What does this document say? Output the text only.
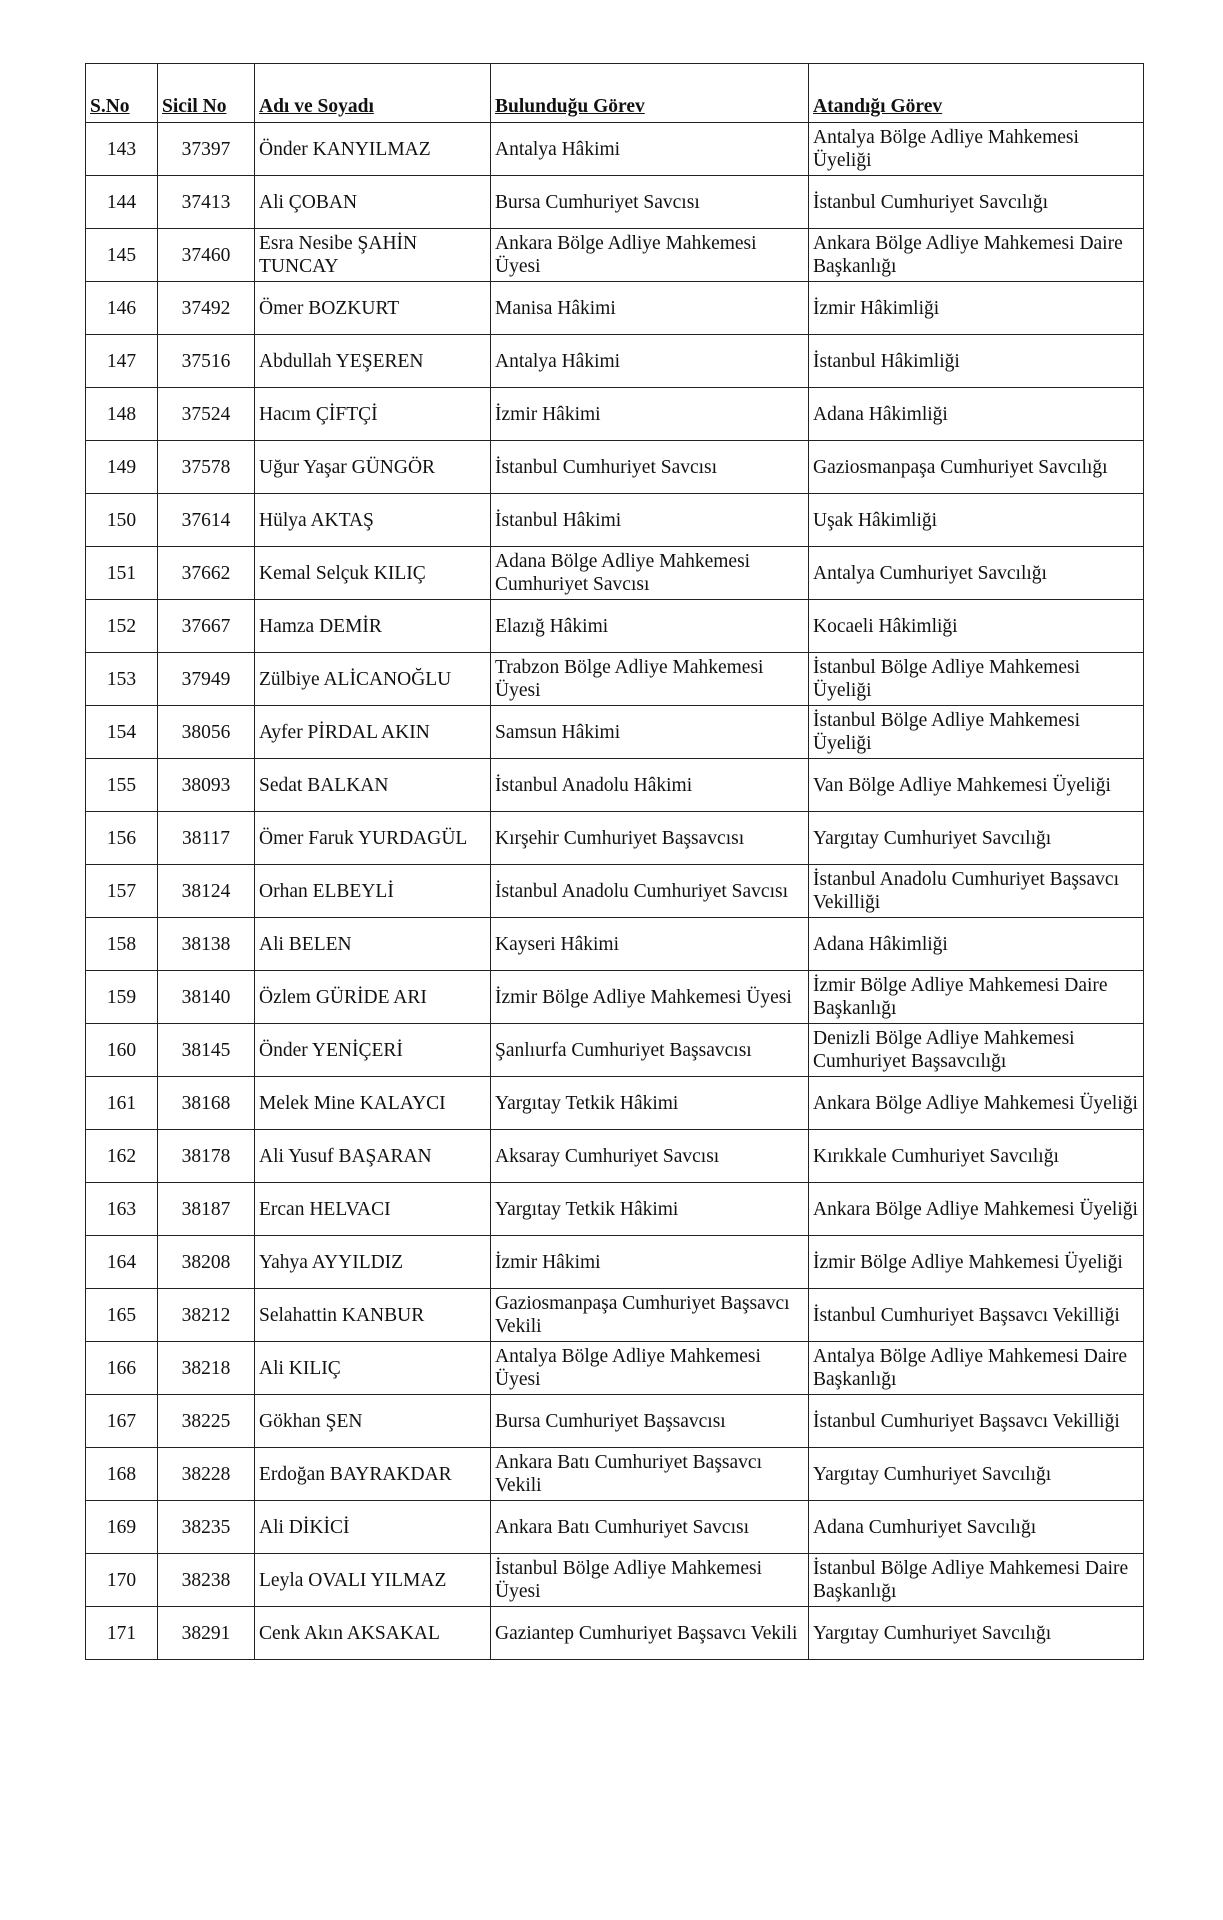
S.No	Sicil No	Adı ve Soyadı	Bulunduğu Görev	Atandığı Görev
143	37397	Önder KANYILMAZ	Antalya Hâkimi	Antalya Bölge Adliye Mahkemesi Üyeliği
144	37413	Ali ÇOBAN	Bursa Cumhuriyet Savcısı	İstanbul Cumhuriyet Savcılığı
145	37460	Esra Nesibe ŞAHİN TUNCAY	Ankara Bölge Adliye Mahkemesi Üyesi	Ankara Bölge Adliye Mahkemesi Daire Başkanlığı
146	37492	Ömer BOZKURT	Manisa Hâkimi	İzmir Hâkimliği
147	37516	Abdullah YEŞEREN	Antalya Hâkimi	İstanbul Hâkimliği
148	37524	Hacım ÇİFTÇİ	İzmir Hâkimi	Adana Hâkimliği
149	37578	Uğur Yaşar GÜNGÖR	İstanbul Cumhuriyet Savcısı	Gaziosmanpaşa Cumhuriyet Savcılığı
150	37614	Hülya AKTAŞ	İstanbul Hâkimi	Uşak Hâkimliği
151	37662	Kemal Selçuk KILIÇ	Adana Bölge Adliye Mahkemesi Cumhuriyet Savcısı	Antalya Cumhuriyet Savcılığı
152	37667	Hamza DEMİR	Elazığ Hâkimi	Kocaeli Hâkimliği
153	37949	Zülbiye ALİCANOĞLU	Trabzon Bölge Adliye Mahkemesi Üyesi	İstanbul Bölge Adliye Mahkemesi Üyeliği
154	38056	Ayfer PİRDAL AKIN	Samsun Hâkimi	İstanbul Bölge Adliye Mahkemesi Üyeliği
155	38093	Sedat BALKAN	İstanbul Anadolu Hâkimi	Van Bölge Adliye Mahkemesi Üyeliği
156	38117	Ömer Faruk YURDAGÜL	Kırşehir Cumhuriyet Başsavcısı	Yargıtay Cumhuriyet Savcılığı
157	38124	Orhan ELBEYLİ	İstanbul Anadolu Cumhuriyet Savcısı	İstanbul Anadolu Cumhuriyet Başsavcı Vekilliği
158	38138	Ali BELEN	Kayseri Hâkimi	Adana Hâkimliği
159	38140	Özlem GÜRİDE ARI	İzmir Bölge Adliye Mahkemesi Üyesi	İzmir Bölge Adliye Mahkemesi Daire Başkanlığı
160	38145	Önder YENİÇERİ	Şanlıurfa Cumhuriyet Başsavcısı	Denizli Bölge Adliye Mahkemesi Cumhuriyet Başsavcılığı
161	38168	Melek Mine KALAYCI	Yargıtay Tetkik Hâkimi	Ankara Bölge Adliye Mahkemesi Üyeliği
162	38178	Ali Yusuf BAŞARAN	Aksaray Cumhuriyet Savcısı	Kırıkkale Cumhuriyet Savcılığı
163	38187	Ercan HELVACI	Yargıtay Tetkik Hâkimi	Ankara Bölge Adliye Mahkemesi Üyeliği
164	38208	Yahya AYYILDIZ	İzmir Hâkimi	İzmir Bölge Adliye Mahkemesi Üyeliği
165	38212	Selahattin KANBUR	Gaziosmanpaşa Cumhuriyet Başsavcı Vekili	İstanbul Cumhuriyet Başsavcı Vekilliği
166	38218	Ali KILIÇ	Antalya Bölge Adliye Mahkemesi Üyesi	Antalya Bölge Adliye Mahkemesi Daire Başkanlığı
167	38225	Gökhan ŞEN	Bursa Cumhuriyet Başsavcısı	İstanbul Cumhuriyet Başsavcı Vekilliği
168	38228	Erdoğan BAYRAKDAR	Ankara Batı Cumhuriyet Başsavcı Vekili	Yargıtay Cumhuriyet Savcılığı
169	38235	Ali DİKİCİ	Ankara Batı Cumhuriyet Savcısı	Adana Cumhuriyet Savcılığı
170	38238	Leyla OVALI YILMAZ	İstanbul Bölge Adliye Mahkemesi Üyesi	İstanbul Bölge Adliye Mahkemesi Daire Başkanlığı
171	38291	Cenk Akın AKSAKAL	Gaziantep Cumhuriyet Başsavcı Vekili	Yargıtay Cumhuriyet Savcılığı
